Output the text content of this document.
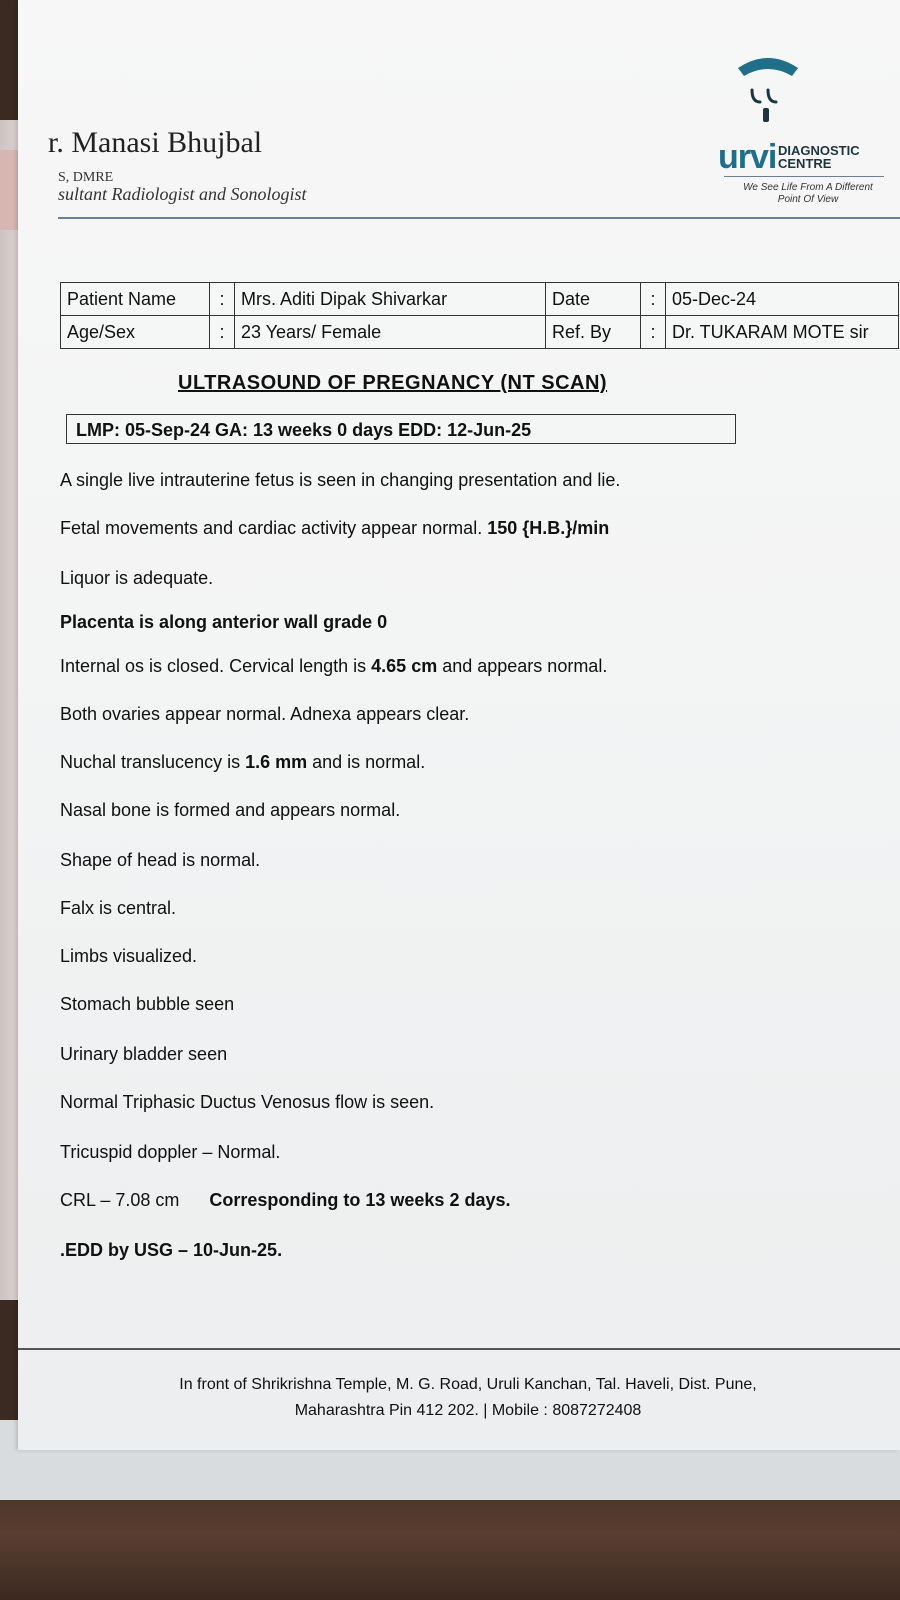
r. Manasi Bhujbal
S, DMRE
sultant Radiologist and Sonologist
urvi DIAGNOSTIC
CENTRE
We See Life From A Different
Point Of View
Patient Name	:	Mrs. Aditi Dipak Shivarkar	Date	:	05-Dec-24
Age/Sex	:	23 Years/ Female	Ref. By	:	Dr. TUKARAM MOTE sir
ULTRASOUND OF PREGNANCY (NT SCAN)
LMP: 05-Sep-24 GA: 13 weeks 0 days EDD: 12-Jun-25
A single live intrauterine fetus is seen in changing presentation and lie.
Fetal movements and cardiac activity appear normal. 150 {H.B.}/min
Liquor is adequate.
Placenta is along anterior wall grade 0
Internal os is closed. Cervical length is 4.65 cm and appears normal.
Both ovaries appear normal. Adnexa appears clear.
Nuchal translucency is 1.6 mm and is normal.
Nasal bone is formed and appears normal.
Shape of head is normal.
Falx is central.
Limbs visualized.
Stomach bubble seen
Urinary bladder seen
Normal Triphasic Ductus Venosus flow is seen.
Tricuspid doppler – Normal.
CRL – 7.08 cm Corresponding to 13 weeks 2 days.
.EDD by USG – 10-Jun-25.
In front of Shrikrishna Temple, M. G. Road, Uruli Kanchan, Tal. Haveli, Dist. Pune,
Maharashtra Pin 412 202. | Mobile : 8087272408
